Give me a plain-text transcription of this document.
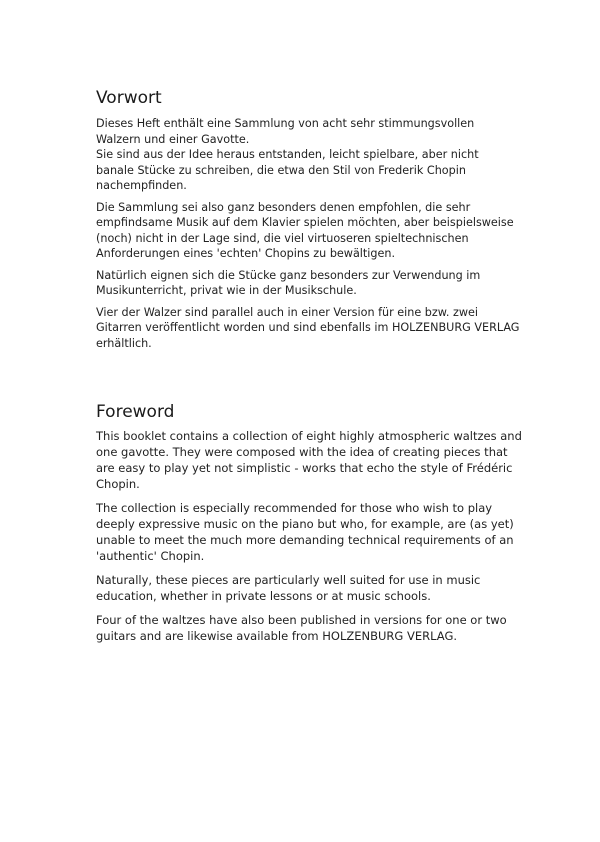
Vorwort

Dieses Heft enthält eine Sammlung von acht sehr stimmungsvollen
Walzern und einer Gavotte.
Sie sind aus der Idee heraus entstanden, leicht spielbare, aber nicht
banale Stücke zu schreiben, die etwa den Stil von Frederik Chopin
nachempfinden.

Die Sammlung sei also ganz besonders denen empfohlen, die sehr
empfindsame Musik auf dem Klavier spielen möchten, aber beispielsweise
(noch) nicht in der Lage sind, die viel virtuoseren spieltechnischen
Anforderungen eines 'echten' Chopins zu bewältigen.

Natürlich eignen sich die Stücke ganz besonders zur Verwendung im
Musikunterricht, privat wie in der Musikschule.

Vier der Walzer sind parallel auch in einer Version für eine bzw. zwei
Gitarren veröffentlicht worden und sind ebenfalls im HOLZENBURG VERLAG
erhältlich.

Foreword

This booklet contains a collection of eight highly atmospheric waltzes and
one gavotte. They were composed with the idea of creating pieces that
are easy to play yet not simplistic - works that echo the style of Frédéric
Chopin.

The collection is especially recommended for those who wish to play
deeply expressive music on the piano but who, for example, are (as yet)
unable to meet the much more demanding technical requirements of an
'authentic' Chopin.

Naturally, these pieces are particularly well suited for use in music
education, whether in private lessons or at music schools.

Four of the waltzes have also been published in versions for one or two
guitars and are likewise available from HOLZENBURG VERLAG.
